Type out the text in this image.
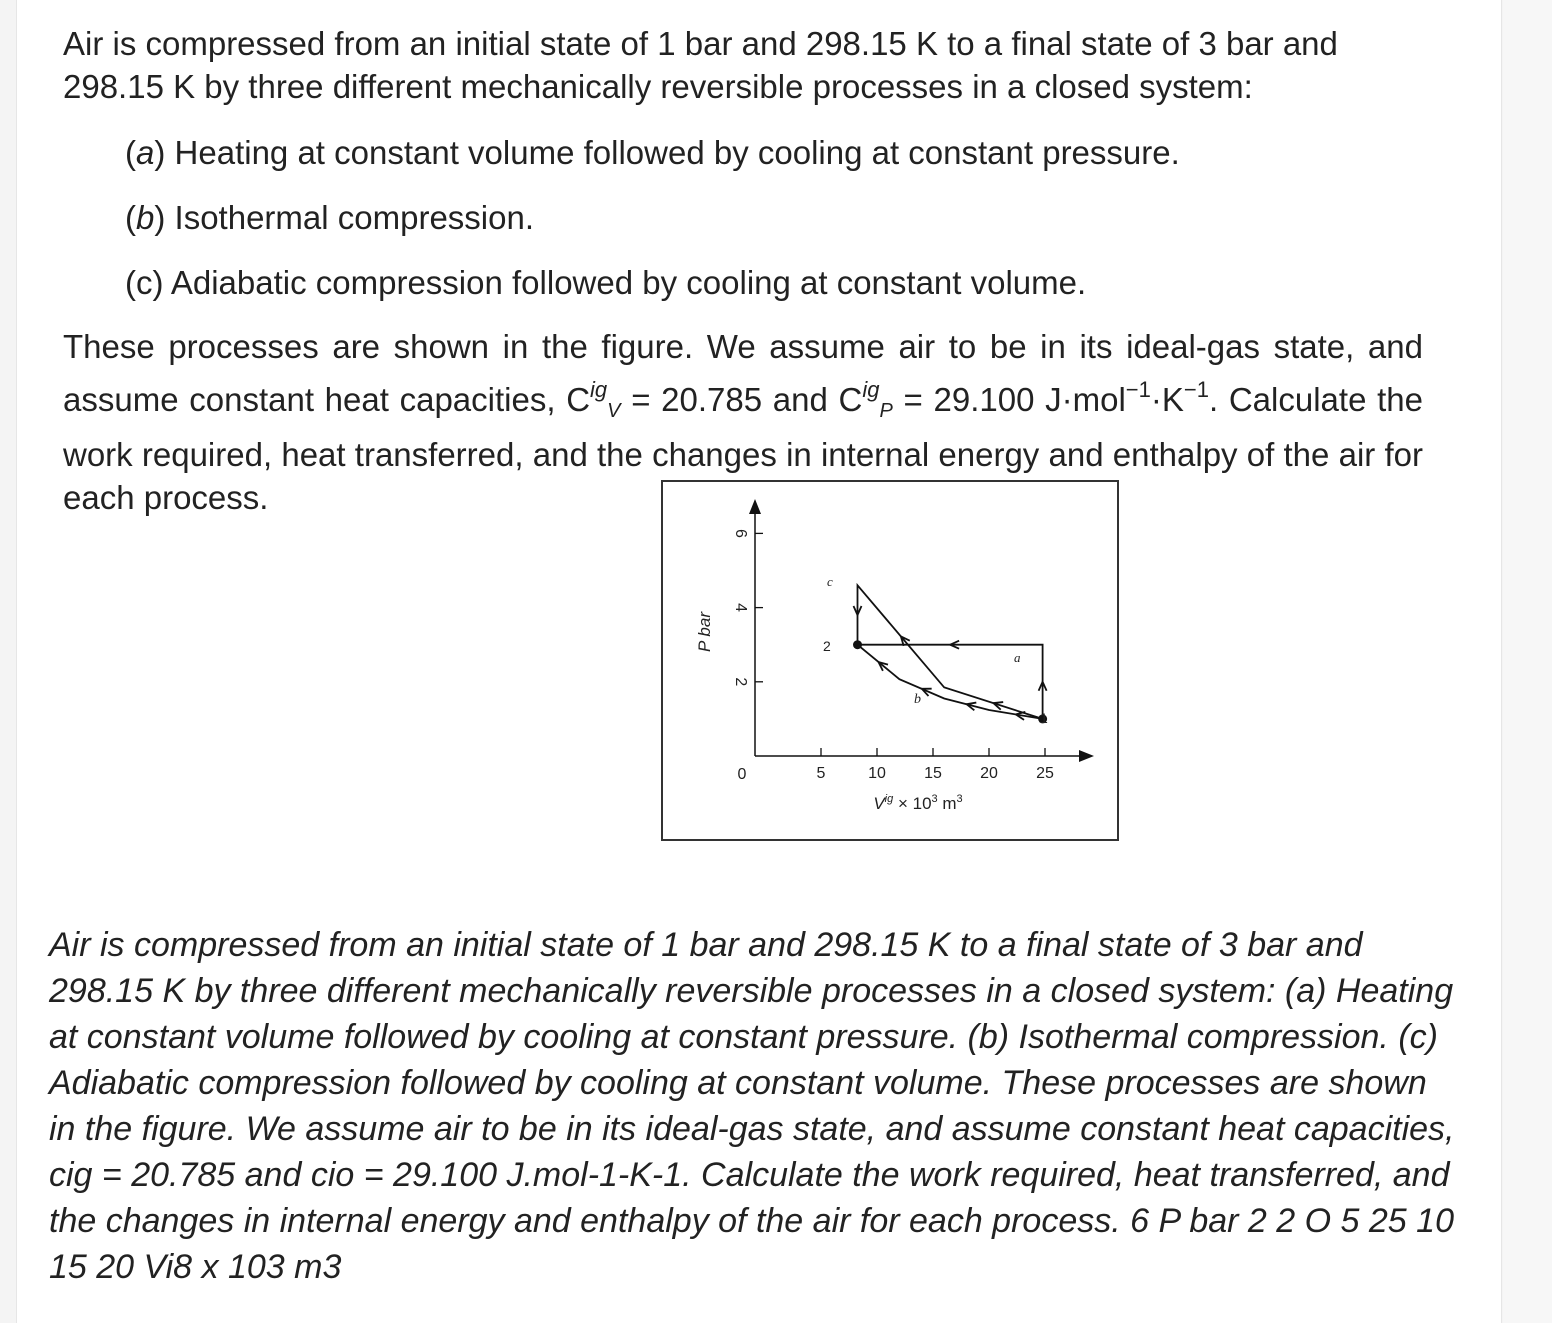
Air is compressed from an initial state of 1 bar and 298.15 K to a final state of 3 bar and 298.15 K by three different mechanically reversible processes in a closed system:

(a) Heating at constant volume followed by cooling at constant pressure.
(b) Isothermal compression.
(c) Adiabatic compression followed by cooling at constant volume.

These processes are shown in the figure. We assume air to be in its ideal-gas state, and assume constant heat capacities, $C^{ig}_V = 20.785$ and $C^{ig}_P = 29.100$ $J\cdot mol^{-1}\cdot K^{-1}$. Calculate the work required, heat transferred, and the changes in internal energy and enthalpy of the air for each process.

0
2
4
6
5	10 15 20 25
P bar
$V^{ig} \times 10^3$ $m^3$
c
a
b
2
1

Air is compressed from an initial state of 1 bar and 298.15 K to a final state of 3 bar and 298.15 K by three different mechanically reversible processes in a closed system: (a) Heating at constant volume followed by cooling at constant pressure. (b) Isothermal compression. (c) Adiabatic compression followed by cooling at constant volume. These processes are shown in the figure. We assume air to be in its ideal-gas state, and assume constant heat capacities, cig = 20.785 and cio = 29.100 J.mol-1-K-1. Calculate the work required, heat transferred, and the changes in internal energy and enthalpy of the air for each process. 6 P bar 2 2 O 5 25 10 15 20 Vi8 x 103 m3
